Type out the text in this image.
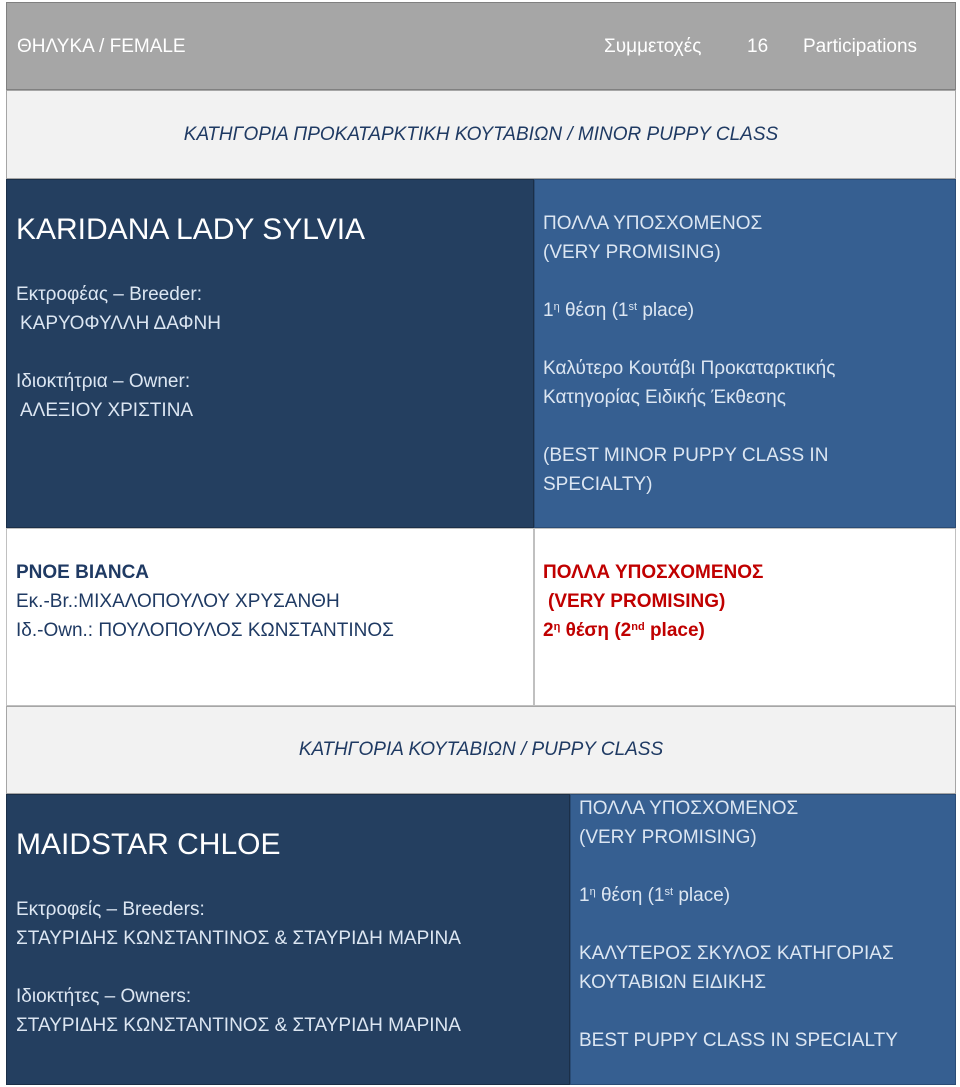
ΘΗΛΥΚΑ / FEMALE	Συμμετοχές 16 Participations
ΚΑΤΗΓΟΡΙΑ ΠΡΟΚΑΤΑΡΚΤΙΚΗ ΚΟΥΤΑΒΙΩΝ / MINOR PUPPY CLASS
KARIDANA LADY SYLVIA
Εκτροφέας – Breeder:
ΚΑΡΥΟΦΥΛΛΗ ΔΑΦΝΗ
Ιδιοκτήτρια – Owner:
ΑΛΕΞΙΟΥ ΧΡΙΣΤΙΝΑ
ΠΟΛΛΑ ΥΠΟΣΧΟΜΕΝΟΣ
(VERY PROMISING)
$1^\eta$ θέση (1st place)
Καλύτερο Κουτάβι Προκαταρκτικής
Κατηγορίας Ειδικής Έκθεσης
(BEST MINOR PUPPY CLASS IN
SPECIALTY)
PNOE BIANCA
Εκ.-Br.:ΜΙΧΑΛΟΠΟΥΛΟΥ ΧΡΥΣΑΝΘΗ
Ιδ.-Own.: ΠΟΥΛΟΠΟΥΛΟΣ ΚΩΝΣΤΑΝΤΙΝΟΣ
ΠΟΛΛΑ ΥΠΟΣΧΟΜΕΝΟΣ
(VERY PROMISING)
$2^\eta$ θέση (2nd place)
ΚΑΤΗΓΟΡΙΑ ΚΟΥΤΑΒΙΩΝ / PUPPY CLASS
MAIDSTAR CHLOE
Εκτροφείς – Breeders:
ΣΤΑΥΡΙΔΗΣ ΚΩΝΣΤΑΝΤΙΝΟΣ & ΣΤΑΥΡΙΔΗ ΜΑΡΙΝΑ
Ιδιοκτήτες – Owners:
ΣΤΑΥΡΙΔΗΣ ΚΩΝΣΤΑΝΤΙΝΟΣ & ΣΤΑΥΡΙΔΗ ΜΑΡΙΝΑ
ΠΟΛΛΑ ΥΠΟΣΧΟΜΕΝΟΣ
(VERY PROMISING)
$1^\eta$ θέση (1st place)
ΚΑΛΥΤΕΡΟΣ ΣΚΥΛΟΣ ΚΑΤΗΓΟΡΙΑΣ
ΚΟΥΤΑΒΙΩΝ ΕΙΔΙΚΗΣ
BEST PUPPY CLASS IN SPECIALTY
